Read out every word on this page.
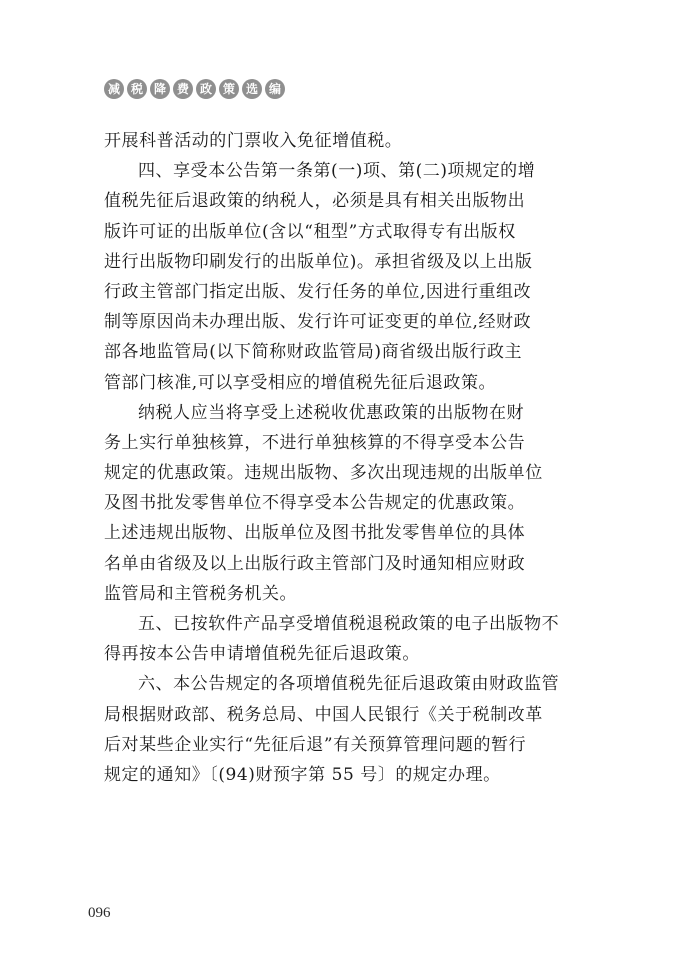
减 税 降 费 政 策 选 编
开展科普活动的门票收入免征增值税。
四、享受本公告第一条第(一)项、第(二)项规定的增
值税先征后退政策的纳税人，必须是具有相关出版物出
版许可证的出版单位(含以“租型”方式取得专有出版权
进行出版物印刷发行的出版单位)。承担省级及以上出版
行政主管部门指定出版、发行任务的单位,因进行重组改
制等原因尚未办理出版、发行许可证变更的单位,经财政
部各地监管局(以下简称财政监管局)商省级出版行政主
管部门核准,可以享受相应的增值税先征后退政策。
纳税人应当将享受上述税收优惠政策的出版物在财
务上实行单独核算，不进行单独核算的不得享受本公告
规定的优惠政策。违规出版物、多次出现违规的出版单位
及图书批发零售单位不得享受本公告规定的优惠政策。
上述违规出版物、出版单位及图书批发零售单位的具体
名单由省级及以上出版行政主管部门及时通知相应财政
监管局和主管税务机关。
五、已按软件产品享受增值税退税政策的电子出版物不
得再按本公告申请增值税先征后退政策。
六、本公告规定的各项增值税先征后退政策由财政监管
局根据财政部、税务总局、中国人民银行《关于税制改革
后对某些企业实行“先征后退”有关预算管理问题的暂行
规定的通知》〔(94)财预字第 55 号〕的规定办理。
096
